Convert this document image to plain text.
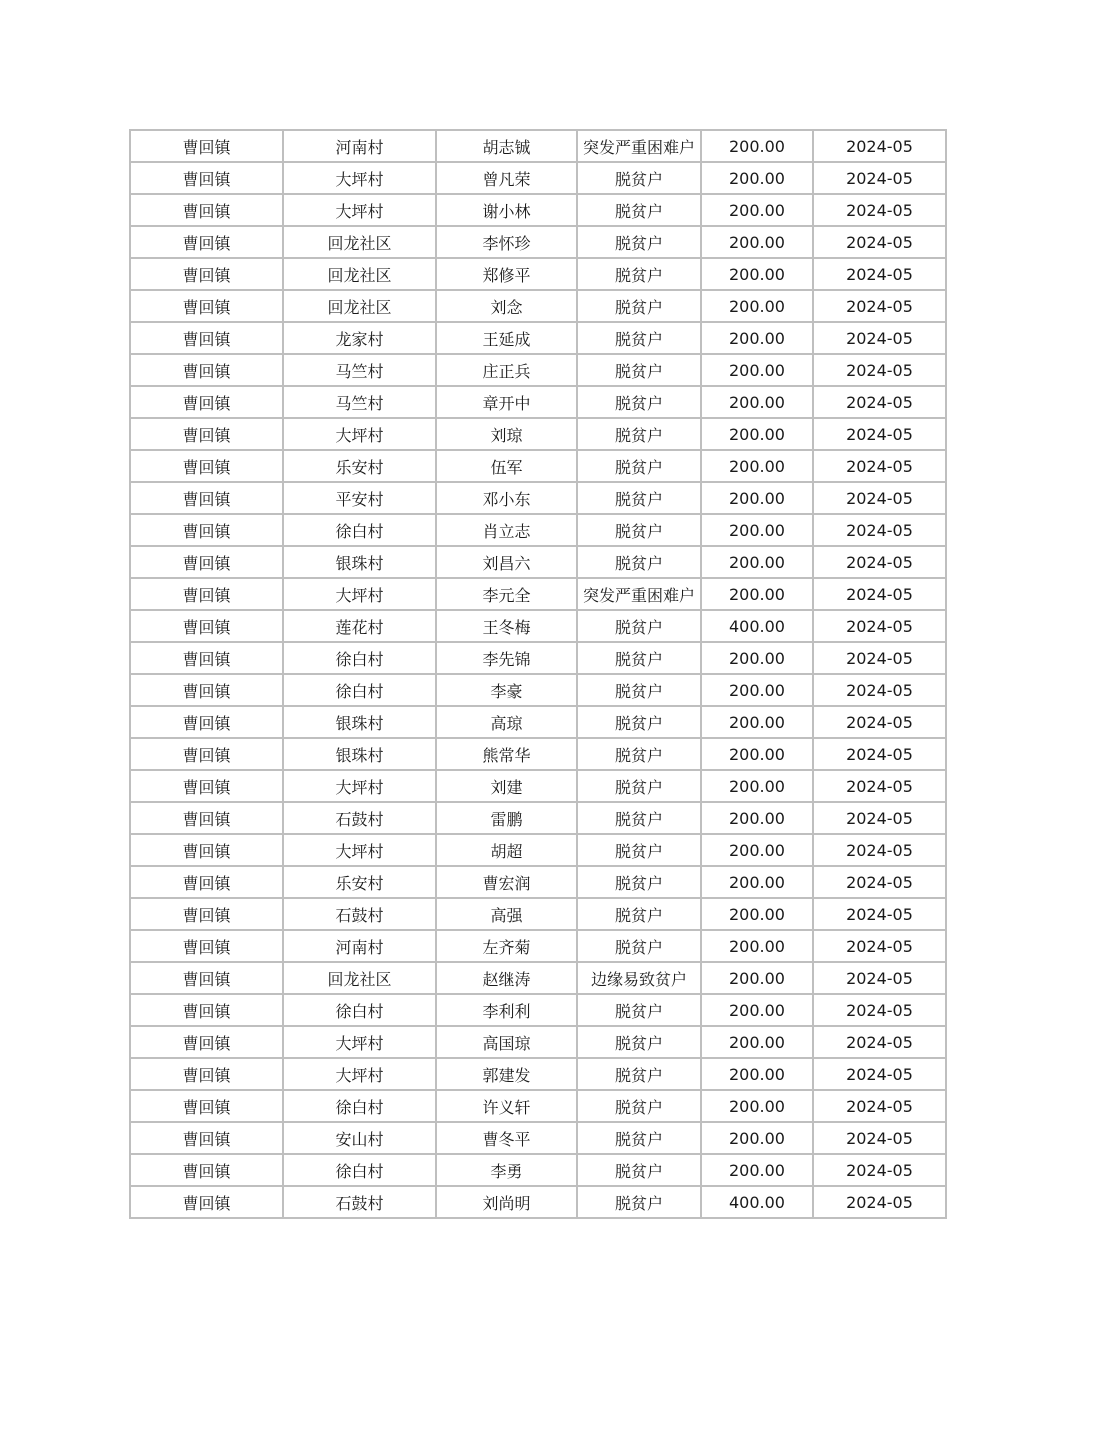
曹回镇	河南村	胡志铖	突发严重困难户	200.00	2024-05
曹回镇	大坪村	曾凡荣	脱贫户	200.00	2024-05
曹回镇	大坪村	谢小林	脱贫户	200.00	2024-05
曹回镇	回龙社区	李怀珍	脱贫户	200.00	2024-05
曹回镇	回龙社区	郑修平	脱贫户	200.00	2024-05
曹回镇	回龙社区	刘念	脱贫户	200.00	2024-05
曹回镇	龙家村	王延成	脱贫户	200.00	2024-05
曹回镇	马竺村	庄正兵	脱贫户	200.00	2024-05
曹回镇	马竺村	章开中	脱贫户	200.00	2024-05
曹回镇	大坪村	刘琼	脱贫户	200.00	2024-05
曹回镇	乐安村	伍军	脱贫户	200.00	2024-05
曹回镇	平安村	邓小东	脱贫户	200.00	2024-05
曹回镇	徐白村	肖立志	脱贫户	200.00	2024-05
曹回镇	银珠村	刘昌六	脱贫户	200.00	2024-05
曹回镇	大坪村	李元全	突发严重困难户	200.00	2024-05
曹回镇	莲花村	王冬梅	脱贫户	400.00	2024-05
曹回镇	徐白村	李先锦	脱贫户	200.00	2024-05
曹回镇	徐白村	李豪	脱贫户	200.00	2024-05
曹回镇	银珠村	高琼	脱贫户	200.00	2024-05
曹回镇	银珠村	熊常华	脱贫户	200.00	2024-05
曹回镇	大坪村	刘建	脱贫户	200.00	2024-05
曹回镇	石鼓村	雷鹏	脱贫户	200.00	2024-05
曹回镇	大坪村	胡超	脱贫户	200.00	2024-05
曹回镇	乐安村	曹宏润	脱贫户	200.00	2024-05
曹回镇	石鼓村	高强	脱贫户	200.00	2024-05
曹回镇	河南村	左齐菊	脱贫户	200.00	2024-05
曹回镇	回龙社区	赵继涛	边缘易致贫户	200.00	2024-05
曹回镇	徐白村	李利利	脱贫户	200.00	2024-05
曹回镇	大坪村	高国琼	脱贫户	200.00	2024-05
曹回镇	大坪村	郭建发	脱贫户	200.00	2024-05
曹回镇	徐白村	许义轩	脱贫户	200.00	2024-05
曹回镇	安山村	曹冬平	脱贫户	200.00	2024-05
曹回镇	徐白村	李勇	脱贫户	200.00	2024-05
曹回镇	石鼓村	刘尚明	脱贫户	400.00	2024-05
